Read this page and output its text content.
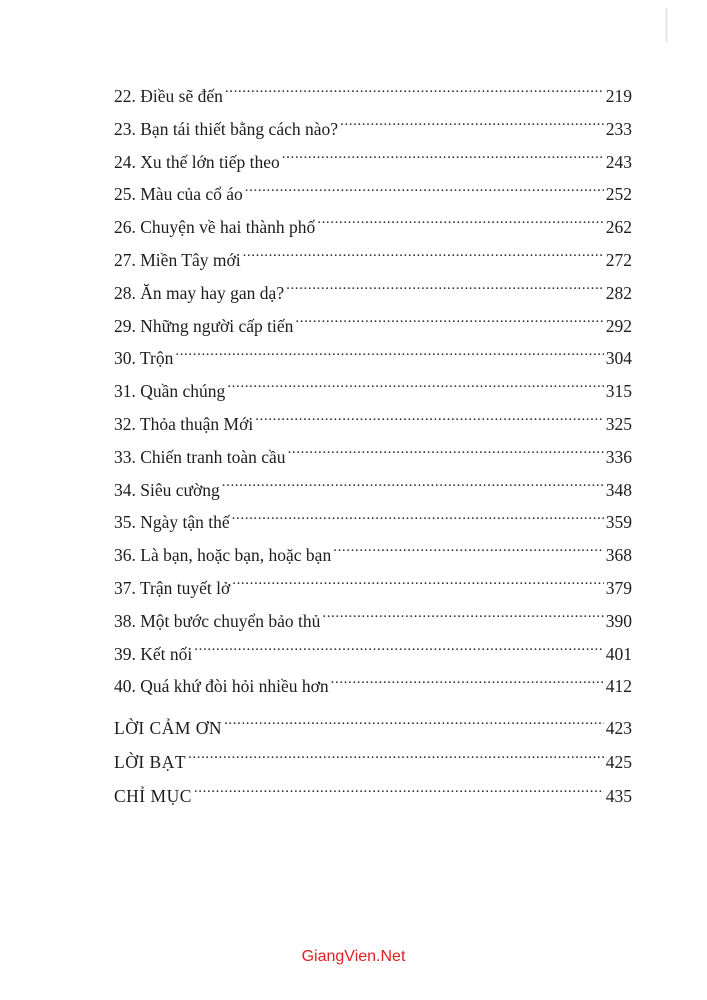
22. Điều sẽ đến .....	219
23. Bạn tái thiết bằng cách nào? .....	233
24. Xu thế lớn tiếp theo .....	243
25. Màu của cổ áo .....	252
26. Chuyện về hai thành phố .....	262
27. Miền Tây mới .....	272
28. Ăn may hay gan dạ? .....	282
29. Những người cấp tiến .....	292
30. Trộn .....	304
31. Quần chúng .....	315
32. Thỏa thuận Mới .....	325
33. Chiến tranh toàn cầu .....	336
34. Siêu cường .....	348
35. Ngày tận thế .....	359
36. Là bạn, hoặc bạn, hoặc bạn .....	368
37. Trận tuyết lở .....	379
38. Một bước chuyển bảo thủ .....	390
39. Kết nối .....	401
40. Quá khứ đòi hỏi nhiều hơn .....	412
LỜI CẢM ƠN .....	423
LỜI BẠT .....	425
CHỈ MỤC .....	435
GiangVien.Net
